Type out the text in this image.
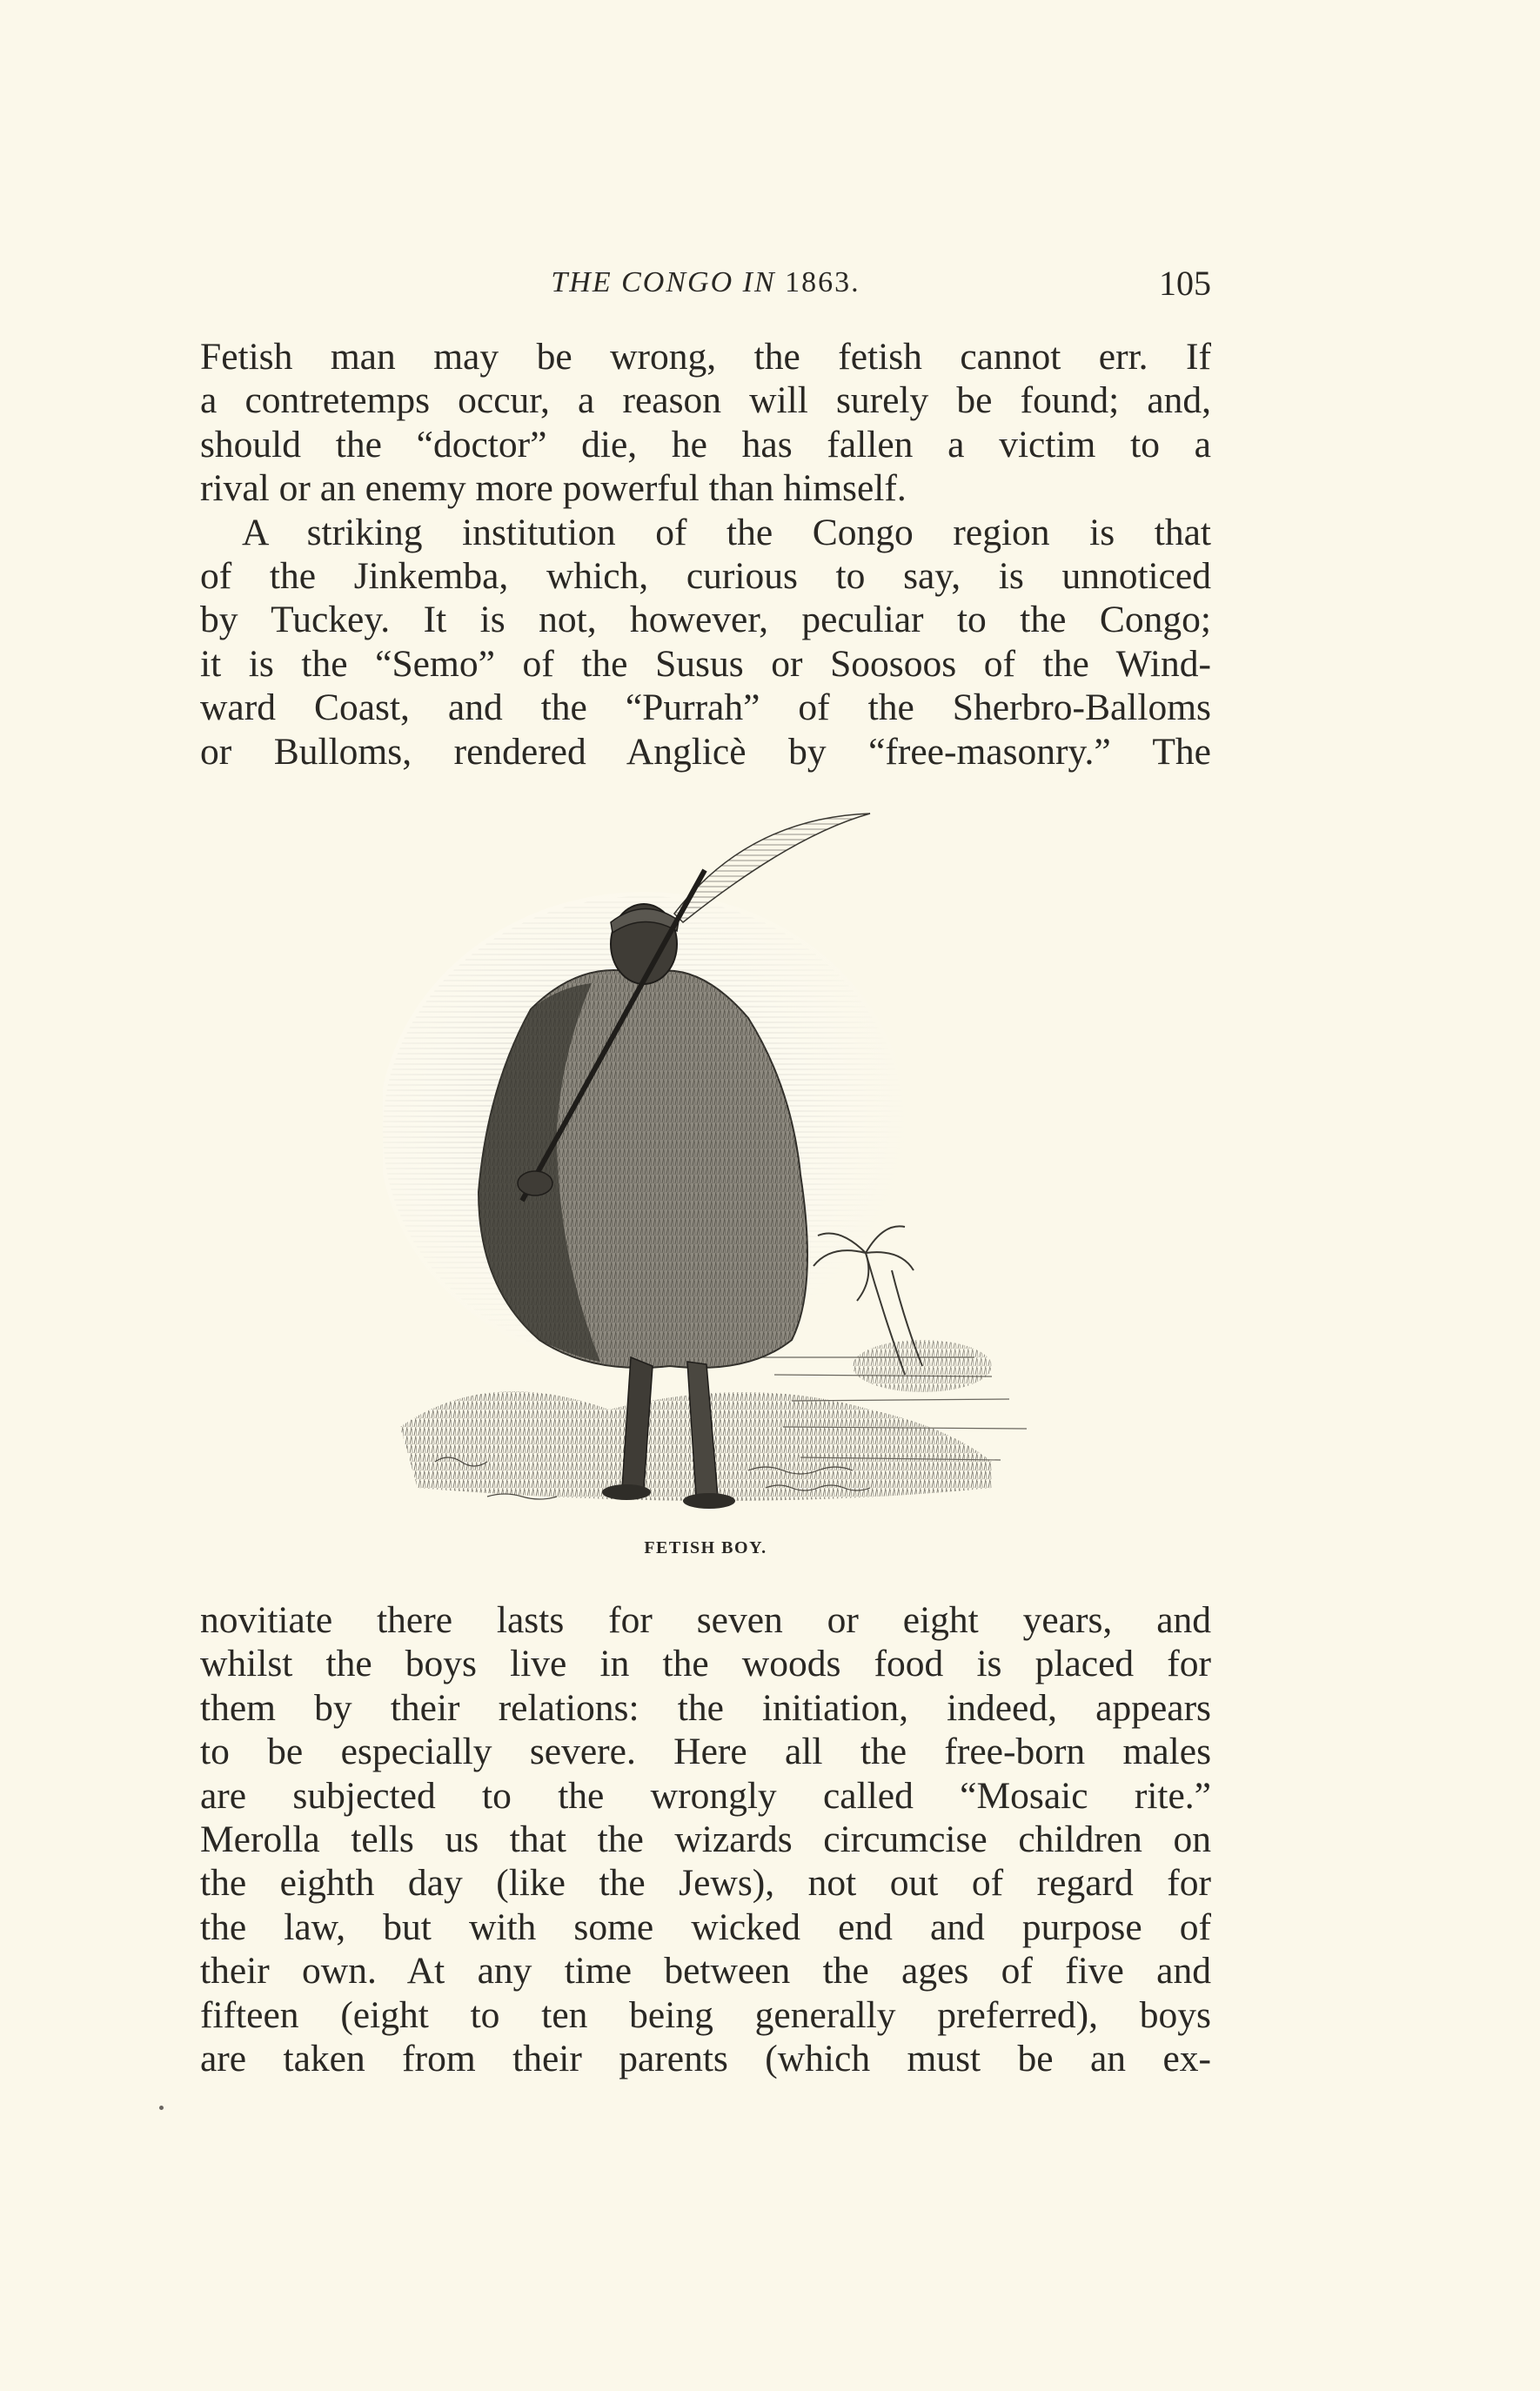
THE CONGO IN 1863.	105
Fetish man may be wrong, the fetish cannot err. If
a contretemps occur, a reason will surely be found; and,
should the “doctor” die, he has fallen a victim to a
rival or an enemy more powerful than himself.
A striking institution of the Congo region is that
of the Jinkemba, which, curious to say, is unnoticed
by Tuckey. It is not, however, peculiar to the Congo;
it is the “Semo” of the Susus or Soosoos of the Wind-
ward Coast, and the “Purrah” of the Sherbro-Balloms
or Bulloms, rendered Anglicè by “free-masonry.” The
FETISH BOY.
novitiate there lasts for seven or eight years, and
whilst the boys live in the woods food is placed for
them by their relations: the initiation, indeed, appears
to be especially severe. Here all the free-born males
are subjected to the wrongly called “Mosaic rite.”
Merolla tells us that the wizards circumcise children on
the eighth day (like the Jews), not out of regard for
the law, but with some wicked end and purpose of
their own. At any time between the ages of five and
fifteen (eight to ten being generally preferred), boys
are taken from their parents (which must be an ex-
